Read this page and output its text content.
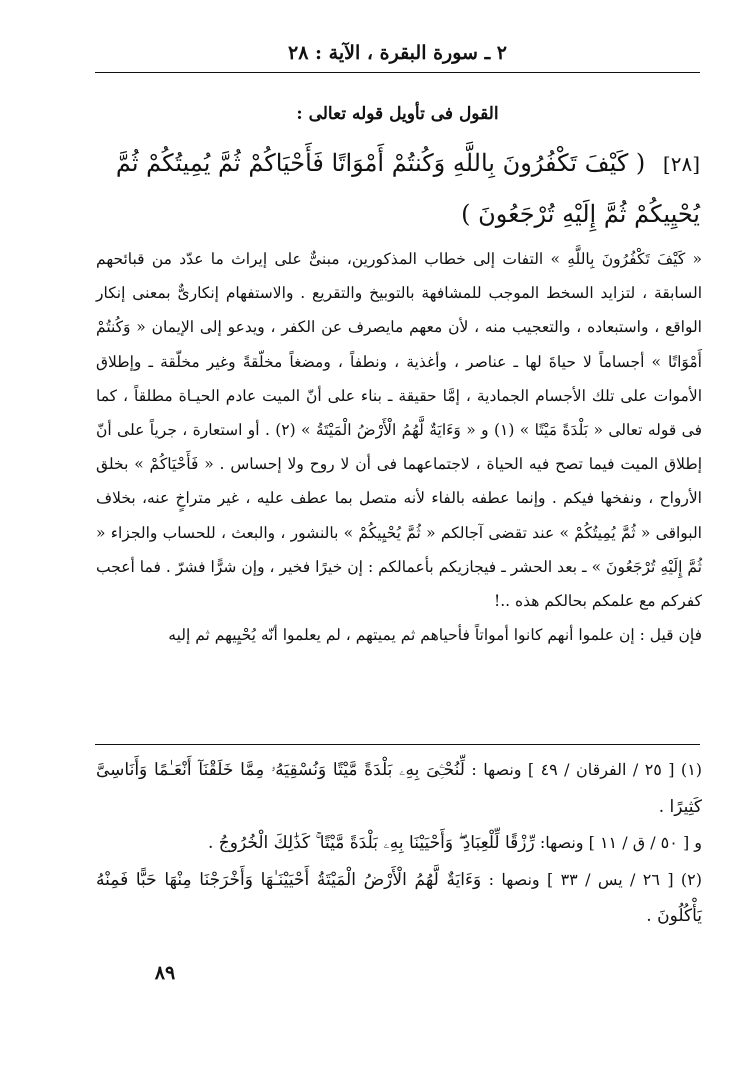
٢ ـ سورة البقرة ، الآية : ٢٨
القول فى تأويل قوله تعالى :
[٢٨] ( كَيْفَ تَكْفُرُونَ بِاللَّهِ وَكُنتُمْ أَمْوَاتًا فَأَحْيَاكُمْ ثُمَّ يُمِيتُكُمْ ثُمَّ يُحْيِيكُمْ ثُمَّ إِلَيْهِ تُرْجَعُونَ )

« كَيْفَ تَكْفُرُونَ بِاللَّهِ » التفات إلى خطاب المذكورين، مبنىٌّ على إيراث ما عدّد من قبائحهم السابقة ، لتزايد السخط الموجب للمشافهة بالتوبيخ والتقريع . والاستفهام إنكارىٌّ بمعنى إنكار الواقع ، واستبعاده ، والتعجيب منه ، لأن معهم مايصرف عن الكفر ، ويدعو إلى الإيمان « وَكُنتُمْ أَمْوَاتًا » أجساماً لا حياةَ لها ـ عناصر ، وأغذية ، ونطفاً ، ومضغاً مخلّقةً وغير مخلّقة ـ وإطلاق الأموات على تلك الأجسام الجمادية ، إمَّا حقيقة ـ بناء على أنّ الميت عادم الحيـاة مطلقاً ، كما فى قوله تعالى « بَلْدَةً مَيْتًا » (١) و « وَءَايَةٌ لَّهُمُ الْأَرْضُ الْمَيْتَةُ » (٢) . أو استعارة ، جرياً على أنّ إطلاق الميت فيما تصح فيه الحياة ، لاجتماعهما فى أن لا روح ولا إحساس . « فَأَحْيَاكُمْ » بخلق الأرواح ، ونفخها فيكم . وإنما عطفه بالفاء لأنه متصل بما عطف عليه ، غير متراخٍ عنه، بخلاف البواقى « ثُمَّ يُمِيتُكُمْ » عند تقضى آجالكم « ثُمَّ يُحْيِيكُمْ » بالنشور ، والبعث ، للحساب والجزاء « ثُمَّ إِلَيْهِ تُرْجَعُونَ » ـ بعد الحشر ـ فيجازيكم بأعمالكم : إن خيرًا فخير ، وإن شرًّا فشرّ . فما أعجب كفركم مع علمكم بحالكم هذه ..!

فإن قيل : إن علموا أنهم كانوا أمواتاً فأحياهم ثم يميتهم ، لم يعلموا أنّه يُحْيِيهم ثم إليه

(١) [ ٢٥ / الفرقان / ٤٩ ] ونصها : لِّنُحْـِۧىَ بِهِۦ بَلْدَةً مَّيْتًا وَنُسْقِيَهُۥ مِمَّا خَلَقْنَآ أَنْعَـٰمًا وَأَنَاسِىَّ كَثِيرًا .

و [ ٥٠ / ق / ١١ ] ونصها: رِّزْقًا لِّلْعِبَادِ ۖ وَأَحْيَيْنَا بِهِۦ بَلْدَةً مَّيْتًا ۚ كَذَٰلِكَ الْخُرُوجُ .

(٢) [ ٢٦ / يس / ٣٣ ] ونصها : وَءَايَةٌ لَّهُمُ الْأَرْضُ الْمَيْتَةُ أَحْيَيْنَـٰهَا وَأَخْرَجْنَا مِنْهَا حَبًّا فَمِنْهُ يَأْكُلُونَ .

٨٩
